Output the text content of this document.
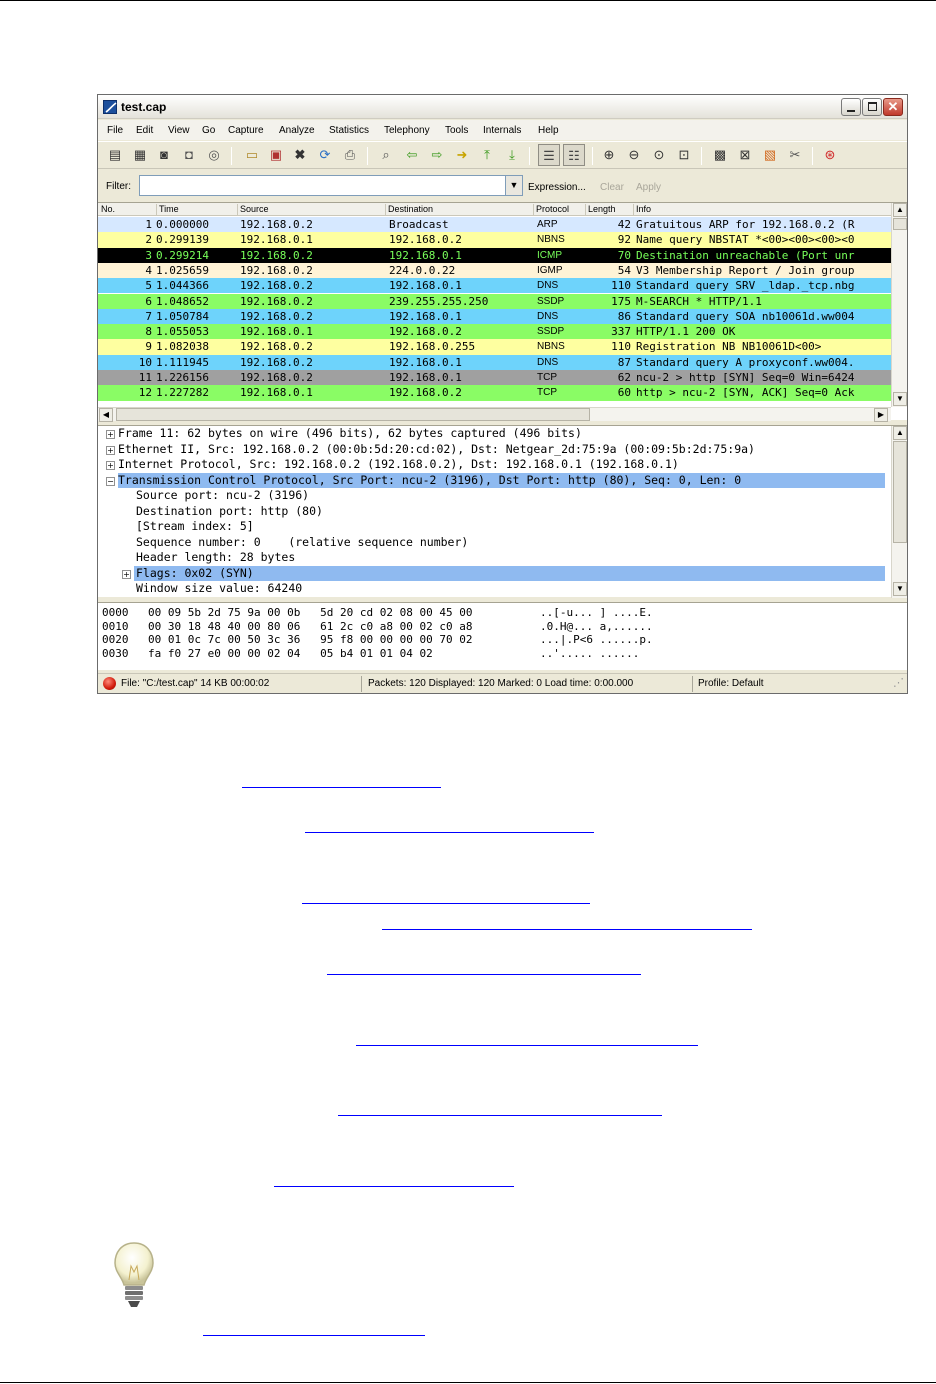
test.cap	✕
File Edit View Go Capture Analyze Statistics Telephony Tools Internals Help
▤ ▦	◙	◘	◎ ▭ ▣ ✖ ⟳ ⎙	⌕	⇦ ⇨ ➜	⤒	⤓	☰	☷	⊕ ⊖ ⊙ ⊡ ▩ ⊠ ▧ ✂ ⊛
Filter:	▼ Expression... Clear Apply
No.	Time	Source	Destination	Protocol	Length	Info
1 0.000000	192.168.0.2	Broadcast	ARP	42 Gratuitous ARP for 192.168.0.2 (R
2 0.299139	192.168.0.1	192.168.0.2	NBNS	92 Name query NBSTAT *<00><00><00><0
3 0.299214	192.168.0.2	192.168.0.1	ICMP	70 Destination unreachable (Port unr
4 1.025659	192.168.0.2	224.0.0.22	IGMP	54 V3 Membership Report / Join group
5 1.044366	192.168.0.2	192.168.0.1	DNS	110 Standard query SRV _ldap._tcp.nbg
6 1.048652	192.168.0.2	239.255.255.250	SSDP	175 M-SEARCH * HTTP/1.1
7 1.050784	192.168.0.2	192.168.0.1	DNS	86 Standard query SOA nb10061d.ww004
8 1.055053	192.168.0.1	192.168.0.2	SSDP	337 HTTP/1.1 200 OK
9 1.082038	192.168.0.2	192.168.0.255	NBNS	110 Registration NB NB10061D<00>
10 1.111945	192.168.0.2	192.168.0.1	DNS	87 Standard query A proxyconf.ww004.
11 1.226156	192.168.0.2	192.168.0.1	TCP	62 ncu-2 > http [SYN] Seq=0 Win=6424
12 1.227282	192.168.0.1	192.168.0.2	TCP	60 http > ncu-2 [SYN, ACK] Seq=0 Ack
▲
▼
◀	▶
Frame 11: 62 bytes on wire (496 bits), 62 bytes captured (496 bits)
+
Ethernet II, Src: 192.168.0.2 (00:0b:5d:20:cd:02), Dst: Netgear_2d:75:9a (00:09:5b:2d:75:9a)
+
Internet Protocol, Src: 192.168.0.2 (192.168.0.2), Dst: 192.168.0.1 (192.168.0.1)
+
Transmission Control Protocol, Src Port: ncu-2 (3196), Dst Port: http (80), Seq: 0, Len: 0
−
Source port: ncu-2 (3196)
Destination port: http (80)
[Stream index: 5]
Sequence number: 0    (relative sequence number)
Header length: 28 bytes
Flags: 0x02 (SYN)
+
Window size value: 64240
▲
▼
0000 00 09 5b 2d 75 9a 00 0b   5d 20 cd 02 08 00 45 00	..[-u... ] ....E.
0010 00 30 18 48 40 00 80 06   61 2c c0 a8 00 02 c0 a8	.0.H@... a,......
0020 00 01 0c 7c 00 50 3c 36   95 f8 00 00 00 00 70 02	...|.P<6 ......p.
0030 fa f0 27 e0 00 00 02 04   05 b4 01 01 04 02	..'..... ......
File: "C:/test.cap" 14 KB 00:00:02	Packets: 120 Displayed: 120 Marked: 0 Load time: 0:00.000	Profile: Default	⋰
